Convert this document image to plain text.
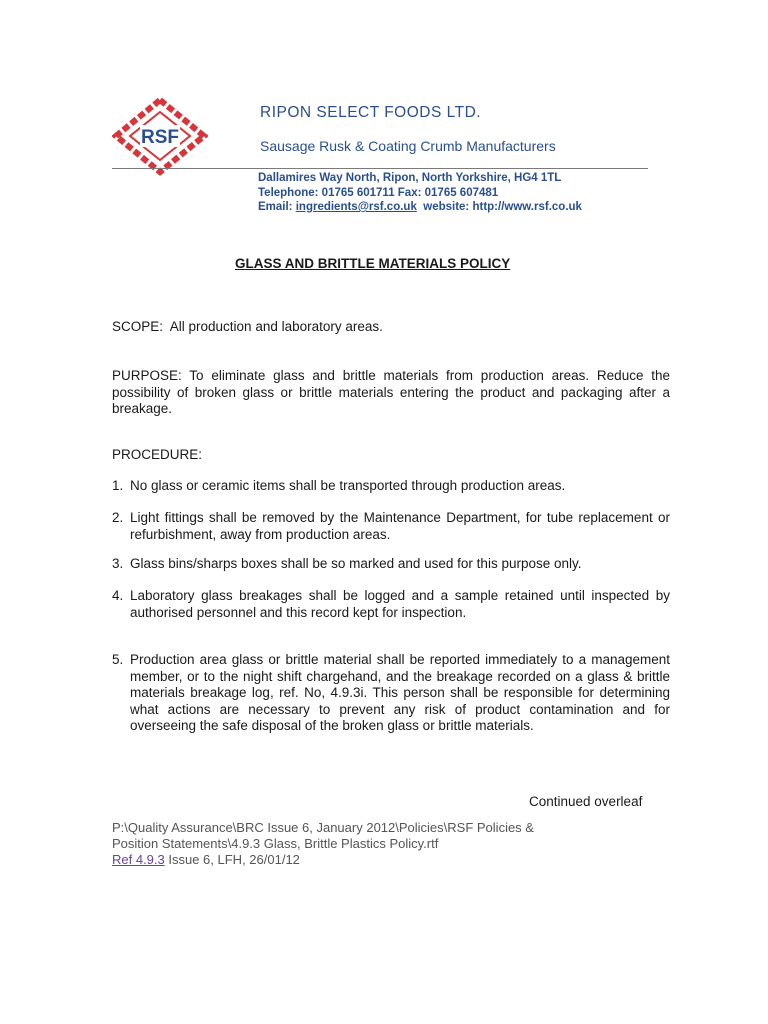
RSF
RIPON SELECT FOODS LTD.
Sausage Rusk & Coating Crumb Manufacturers
Dallamires Way North, Ripon, North Yorkshire, HG4 1TL
Telephone: 01765 601711 Fax: 01765 607481
Email: ingredients@rsf.co.uk  website: http://www.rsf.co.uk
GLASS AND BRITTLE MATERIALS POLICY
SCOPE:  All production and laboratory areas.
PURPOSE: To eliminate glass and brittle materials from production areas. Reduce the possibility of broken glass or brittle materials entering the product and packaging after a breakage.
PROCEDURE:
1. No glass or ceramic items shall be transported through production areas.
2. Light fittings shall be removed by the Maintenance Department, for tube replacement or refurbishment, away from production areas.
3. Glass bins/sharps boxes shall be so marked and used for this purpose only.
4. Laboratory glass breakages shall be logged and a sample retained until inspected by authorised personnel and this record kept for inspection.
5. Production area glass or brittle material shall be reported immediately to a management member, or to the night shift chargehand, and the breakage recorded on a glass & brittle materials breakage log, ref. No, 4.9.3i. This person shall be responsible for determining what actions are necessary to prevent any risk of product contamination and for overseeing the safe disposal of the broken glass or brittle materials.
Continued overleaf
P:\Quality Assurance\BRC Issue 6, January 2012\Policies\RSF Policies &
Position Statements\4.9.3 Glass, Brittle Plastics Policy.rtf
Ref 4.9.3 Issue 6, LFH, 26/01/12
